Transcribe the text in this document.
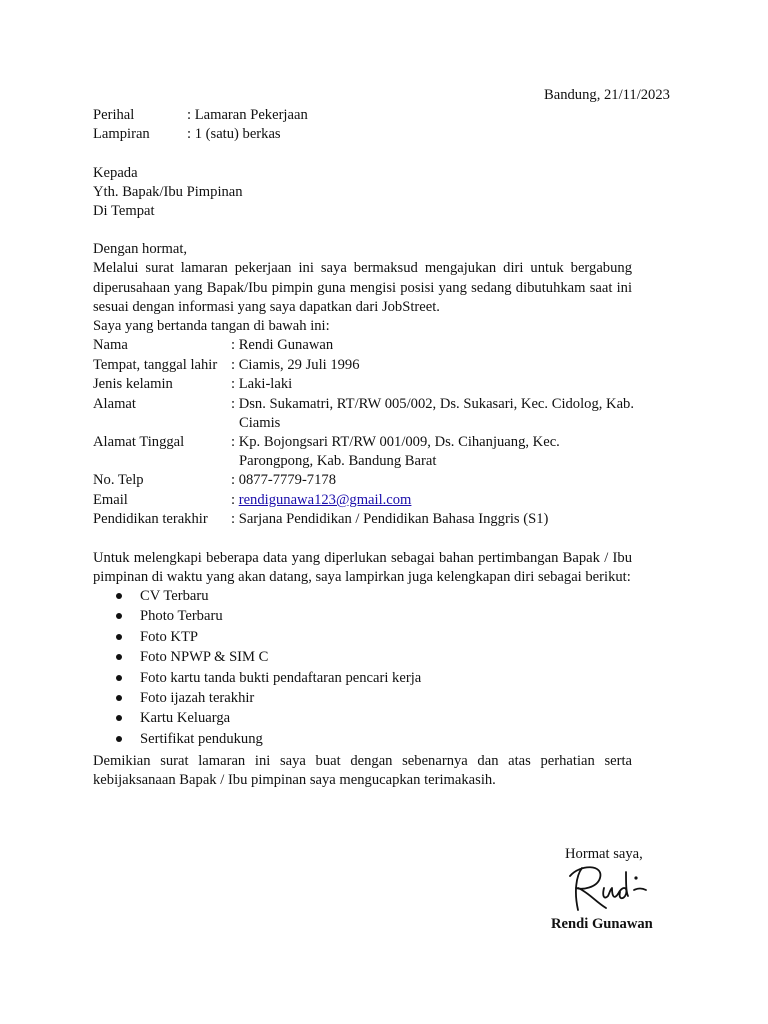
Bandung, 21/11/2023
Perihal	: Lamaran Pekerjaan
Lampiran	: 1 (satu) berkas
Kepada
Yth. Bapak/Ibu Pimpinan
Di Tempat
Dengan hormat,
Melalui surat lamaran pekerjaan ini saya bermaksud mengajukan diri untuk bergabung
diperusahaan yang Bapak/Ibu pimpin guna mengisi posisi yang sedang dibutuhkam saat ini
sesuai dengan informasi yang saya dapatkan dari JobStreet.
Saya yang bertanda tangan di bawah ini:
Nama	: Rendi Gunawan
Tempat, tanggal lahir : Ciamis, 29 Juli 1996
Jenis kelamin	: Laki-laki
Alamat	: Dsn. Sukamatri, RT/RW 005/002, Ds. Sukasari, Kec. Cidolog, Kab.
Ciamis
Alamat Tinggal	: Kp. Bojongsari RT/RW 001/009, Ds. Cihanjuang, Kec.
Parongpong, Kab. Bandung Barat
No. Telp	: 0877-7779-7178
Email	: rendigunawa123@gmail.com
Pendidikan terakhir	: Sarjana Pendidikan / Pendidikan Bahasa Inggris (S1)
Untuk melengkapi beberapa data yang diperlukan sebagai bahan pertimbangan Bapak / Ibu
pimpinan di waktu yang akan datang, saya lampirkan juga kelengkapan diri sebagai berikut:
CV Terbaru
Photo Terbaru
Foto KTP
Foto NPWP & SIM C
Foto kartu tanda bukti pendaftaran pencari kerja
Foto ijazah terakhir
Kartu Keluarga
Sertifikat pendukung
Demikian surat lamaran ini saya buat dengan sebenarnya dan atas perhatian serta
kebijaksanaan Bapak / Ibu pimpinan saya mengucapkan terimakasih.
Hormat saya,
Rendi Gunawan
